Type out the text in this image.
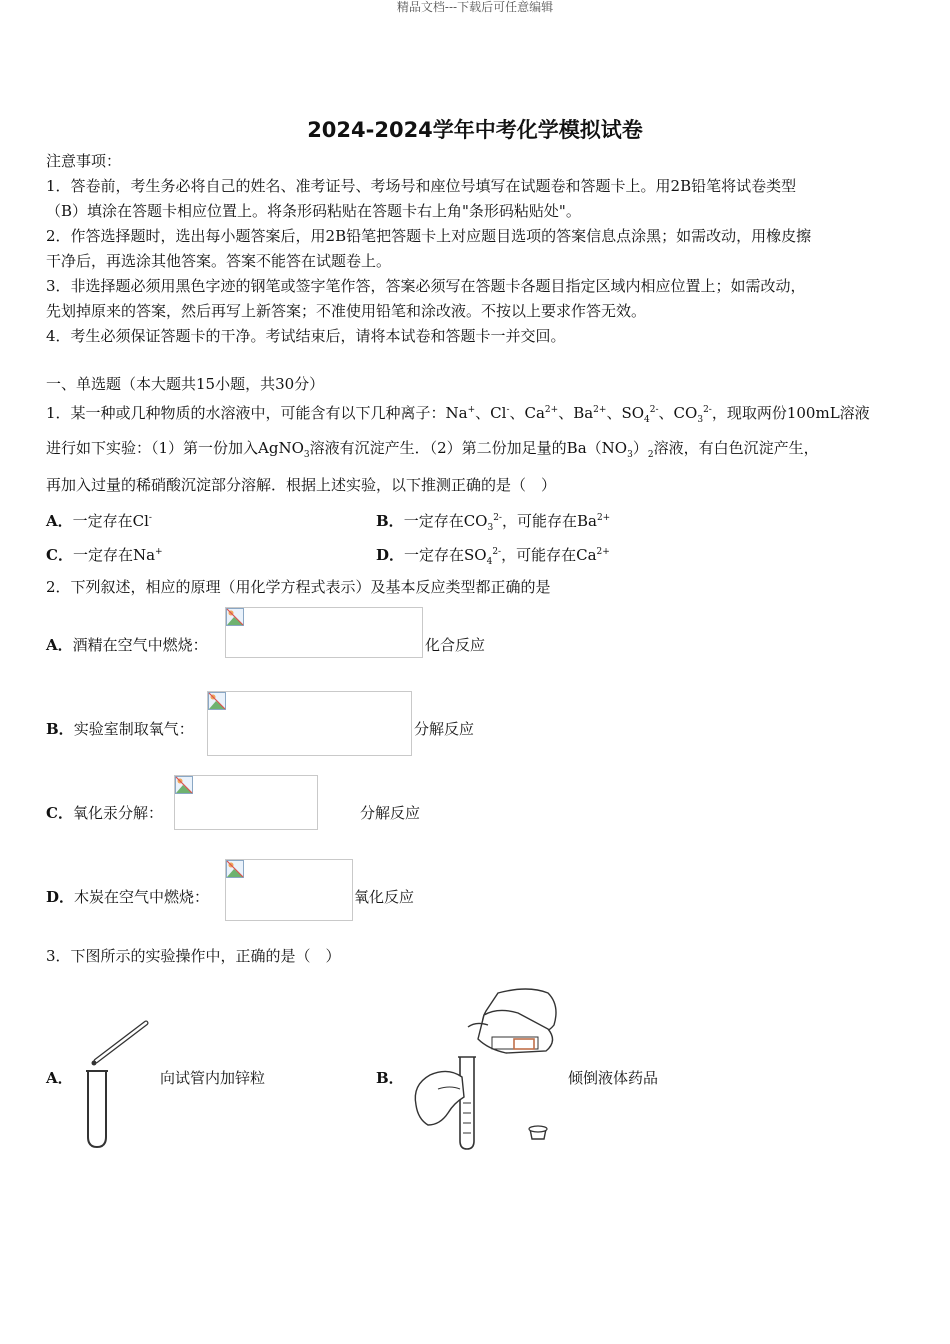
精品文档---下载后可任意编辑
2024-2024学年中考化学模拟试卷
注意事项：
1．答卷前，考生务必将自己的姓名、准考证号、考场号和座位号填写在试题卷和答题卡上。用2B铅笔将试卷类型
（B）填涂在答题卡相应位置上。将条形码粘贴在答题卡右上角"条形码粘贴处"。
2．作答选择题时，选出每小题答案后，用2B铅笔把答题卡上对应题目选项的答案信息点涂黑；如需改动，用橡皮擦
干净后，再选涂其他答案。答案不能答在试题卷上。
3．非选择题必须用黑色字迹的钢笔或签字笔作答，答案必须写在答题卡各题目指定区域内相应位置上；如需改动，
先划掉原来的答案，然后再写上新答案；不准使用铅笔和涂改液。不按以上要求作答无效。
4．考生必须保证答题卡的干净。考试结束后，请将本试卷和答题卡一并交回。
一、单选题（本大题共15小题，共30分）
1．某一种或几种物质的水溶液中，可能含有以下几种离子：Na+、Cl-、$Ca^{2+}$、$Ba^{2+}$、$SO_4^{2-}$、$CO_3^{2-}$，现取两份100mL溶液
进行如下实验：（1）第一份加入AgNO$_3$溶液有沉淀产生．（2）第二份加足量的$Ba(NO_3)_2$溶液，有白色沉淀产生，
再加入过量的稀硝酸沉淀部分溶解．根据上述实验，以下推测正确的是（　）
A．一定存在Cl-	B．一定存在$CO_3^{2-}$，可能存在$Ba^{2+}$
C．一定存在Na+	D．一定存在$SO_4^{2-}$，可能存在$Ca^{2+}$
2．下列叙述，相应的原理（用化学方程式表示）及基本反应类型都正确的是
A．酒精在空气中燃烧：	化合反应
B．实验室制取氧气：	分解反应
C．氧化汞分解：	分解反应
D．木炭在空气中燃烧：	氧化反应
3．下图所示的实验操作中，正确的是（　）
A．	向试管内加锌粒	B．	倾倒液体药品
